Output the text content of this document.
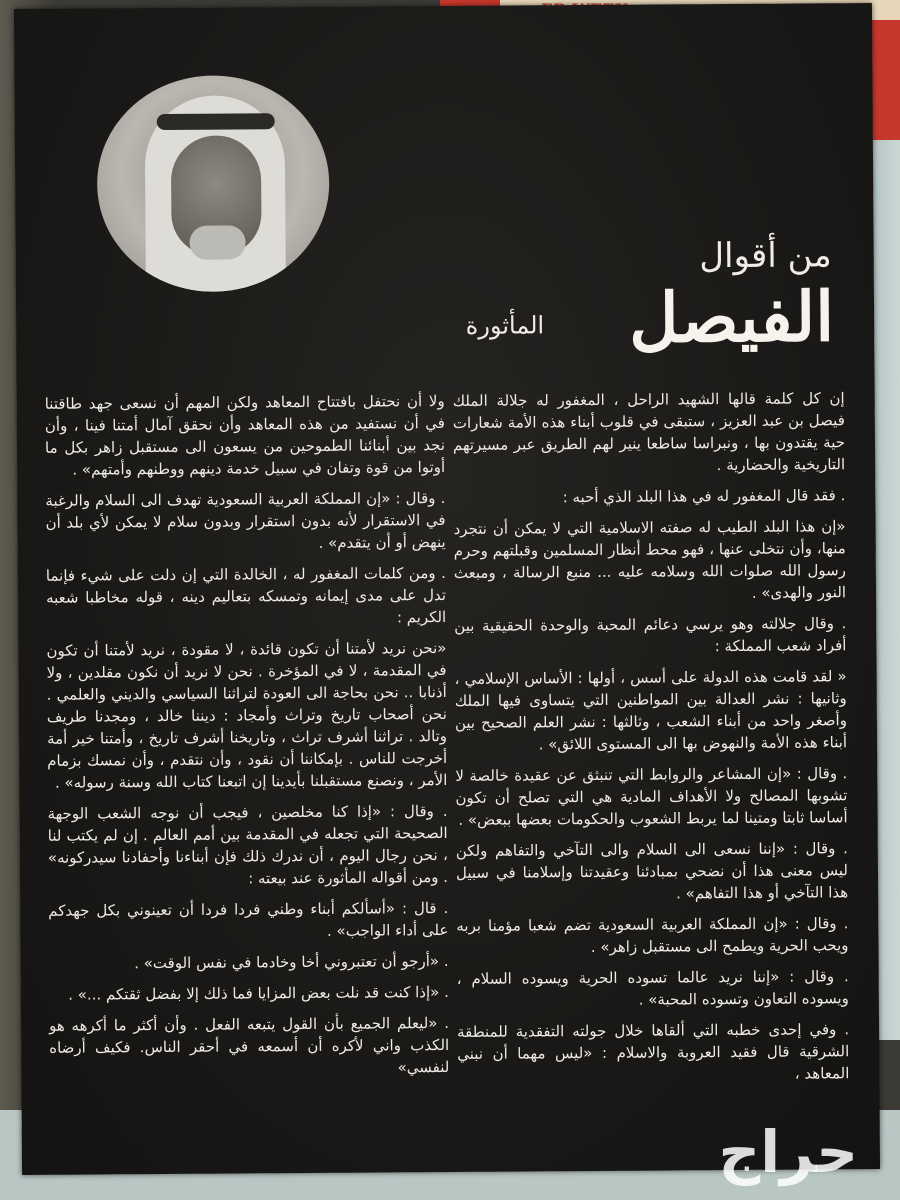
من أقوال
الفيصل
المأثورة

إن كل كلمة قالها الشهيد الراحل ، المغفور له جلالة الملك فيصل بن عبد العزيز ، ستبقى في قلوب أبناء هذه الأمة شعارات حية يقتدون بها ، ونبراسا ساطعا ينير لهم الطريق عبر مسيرتهم التاريخية والحضارية .

. فقد قال المغفور له في هذا البلد الذي أحبه :

«إن هذا البلد الطيب له صفته الاسلامية التي لا يمكن أن نتجرد منها، وأن نتخلى عنها ، فهو محط أنظار المسلمين وقبلتهم وحرم رسول الله صلوات الله وسلامه عليه ... منبع الرسالة ، ومبعث النور والهدى» .

. وقال جلالته وهو يرسي دعائم المحبة والوحدة الحقيقية بين أفراد شعب المملكة :

« لقد قامت هذه الدولة على أسس ، أولها : الأساس الإسلامي ، وثانيها : نشر العدالة بين المواطنين التي يتساوى فيها الملك وأصغر واحد من أبناء الشعب ، وثالثها : نشر العلم الصحيح بين أبناء هذه الأمة والنهوض بها الى المستوى اللائق» .

. وقال : «إن المشاعر والروابط التي تنبثق عن عقيدة خالصة لا تشوبها المصالح ولا الأهداف المادية هي التي تصلح أن تكون أساسا ثابتا ومتينا لما يربط الشعوب والحكومات بعضها ببعض» .

. وقال : «إننا نسعى الى السلام والى التآخي والتفاهم ولكن ليس معنى هذا أن نضحي بمبادئنا وعقيدتنا وإسلامنا في سبيل هذا التآخي أو هذا التفاهم» .

. وقال : «إن المملكة العربية السعودية تضم شعبا مؤمنا بربه ويحب الحرية ويطمح الى مستقبل زاهر» .

. وقال : «إننا نريد عالما تسوده الحرية ويسوده السلام ، ويسوده التعاون وتسوده المحبة» .

. وفي إحدى خطبه التي ألقاها خلال جولته التفقدية للمنطقة الشرقية قال فقيد العروبة والاسلام : «ليس مهما أن نبني المعاهد ،

ولا أن نحتفل بافتتاح المعاهد ولكن المهم أن نسعى جهد طاقتنا في أن نستفيد من هذه المعاهد وأن نحقق آمال أمتنا فينا ، وأن نجد بين أبنائنا الطموحين من يسعون الى مستقبل زاهر بكل ما أوتوا من قوة وتفان في سبيل خدمة دينهم ووطنهم وأمتهم» .

. وقال : «إن المملكة العربية السعودية تهدف الى السلام والرغبة في الاستقرار لأنه بدون استقرار وبدون سلام لا يمكن لأي بلد أن ينهض أو أن يتقدم» .

. ومن كلمات المغفور له ، الخالدة التي إن دلت على شيء فإنما تدل على مدى إيمانه وتمسكه بتعاليم دينه ، قوله مخاطبا شعبه الكريم :

«نحن نريد لأمتنا أن تكون قائدة ، لا مقودة ، نريد لأمتنا أن تكون في المقدمة ، لا في المؤخرة . نحن لا نريد أن نكون مقلدين ، ولا أذنابا .. نحن بحاجة الى العودة لتراثنا السياسي والديني والعلمي . نحن أصحاب تاريخ وتراث وأمجاد : ديننا خالد ، ومجدنا طريف وتالد . تراثنا أشرف تراث ، وتاريخنا أشرف تاريخ ، وأمتنا خير أمة أخرجت للناس . بإمكاننا أن نقود ، وأن نتقدم ، وأن نمسك بزمام الأمر ، ونصنع مستقبلنا بأيدينا إن اتبعنا كتاب الله وسنة رسوله» .

. وقال : «إذا كنا مخلصين ، فيجب أن نوجه الشعب الوجهة الصحيحة التي تجعله في المقدمة بين أمم العالم . إن لم يكتب لنا ، نحن رجال اليوم ، أن ندرك ذلك فإن أبناءنا وأحفادنا سيدركونه» . ومن أقواله المأثورة عند بيعته :

. قال : «أسألكم أبناء وطني فردا فردا أن تعينوني بكل جهدكم على أداء الواجب» .

. «أرجو أن تعتبروني أخا وخادما في نفس الوقت» .

. «إذا كنت قد نلت بعض المزايا فما ذلك إلا بفضل ثقتكم ...» .

. «ليعلم الجميع بأن القول يتبعه الفعل . وأن أكثر ما أكرهه هو الكذب واني لأكره أن أسمعه في أحقر الناس. فكيف أرضاه لنفسي»

حراج
